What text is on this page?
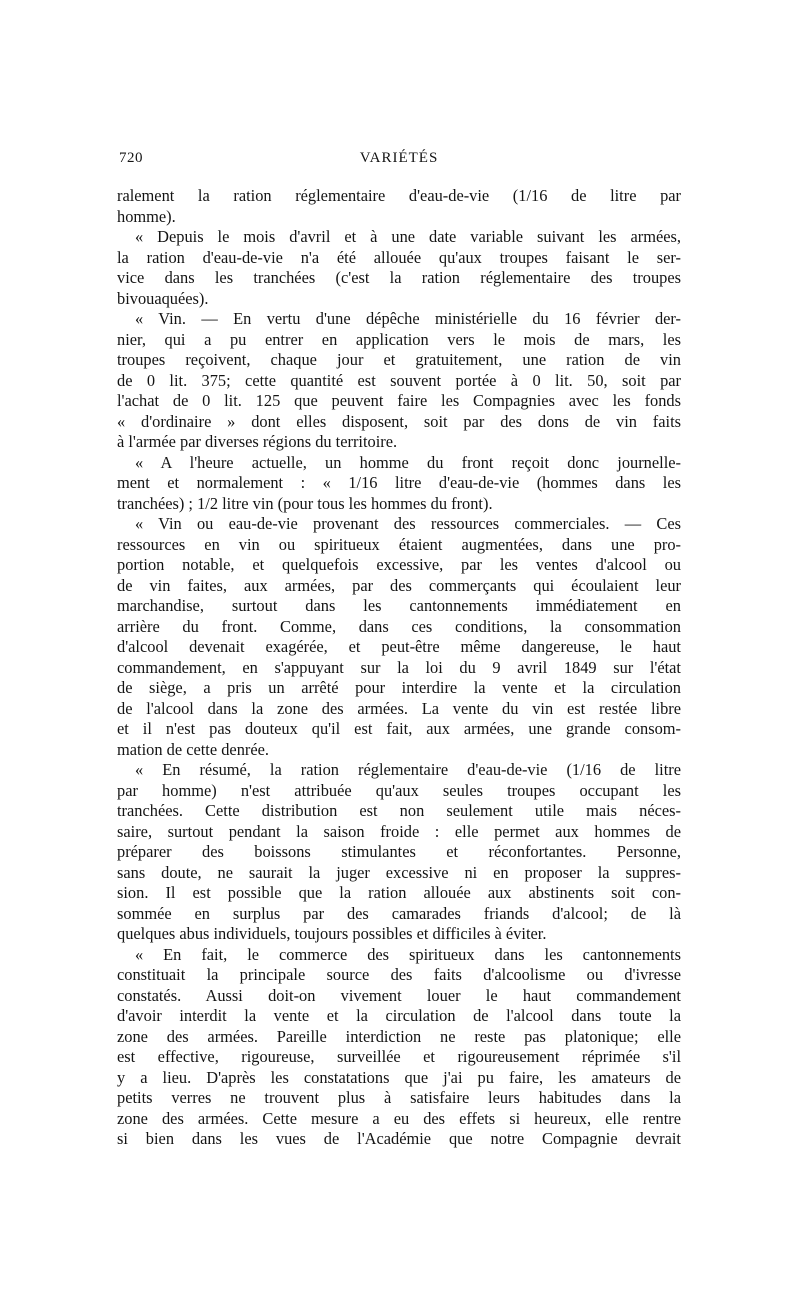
720	VARIÉTÉS
ralement la ration réglementaire d'eau-de-vie (1/16 de litre par
homme).
« Depuis le mois d'avril et à une date variable suivant les armées,
la ration d'eau-de-vie n'a été allouée qu'aux troupes faisant le ser-
vice dans les tranchées (c'est la ration réglementaire des troupes
bivouaquées).
« Vin. — En vertu d'une dépêche ministérielle du 16 février der-
nier, qui a pu entrer en application vers le mois de mars, les
troupes reçoivent, chaque jour et gratuitement, une ration de vin
de 0 lit. 375; cette quantité est souvent portée à 0 lit. 50, soit par
l'achat de 0 lit. 125 que peuvent faire les Compagnies avec les fonds
« d'ordinaire » dont elles disposent, soit par des dons de vin faits
à l'armée par diverses régions du territoire.
« A l'heure actuelle, un homme du front reçoit donc journelle-
ment et normalement : « 1/16 litre d'eau-de-vie (hommes dans les
tranchées) ; 1/2 litre vin (pour tous les hommes du front).
« Vin ou eau-de-vie provenant des ressources commerciales. — Ces
ressources en vin ou spiritueux étaient augmentées, dans une pro-
portion notable, et quelquefois excessive, par les ventes d'alcool ou
de vin faites, aux armées, par des commerçants qui écoulaient leur
marchandise, surtout dans les cantonnements immédiatement en
arrière du front. Comme, dans ces conditions, la consommation
d'alcool devenait exagérée, et peut-être même dangereuse, le haut
commandement, en s'appuyant sur la loi du 9 avril 1849 sur l'état
de siège, a pris un arrêté pour interdire la vente et la circulation
de l'alcool dans la zone des armées. La vente du vin est restée libre
et il n'est pas douteux qu'il est fait, aux armées, une grande consom-
mation de cette denrée.
« En résumé, la ration réglementaire d'eau-de-vie (1/16 de litre
par homme) n'est attribuée qu'aux seules troupes occupant les
tranchées. Cette distribution est non seulement utile mais néces-
saire, surtout pendant la saison froide : elle permet aux hommes de
préparer des boissons stimulantes et réconfortantes. Personne,
sans doute, ne saurait la juger excessive ni en proposer la suppres-
sion. Il est possible que la ration allouée aux abstinents soit con-
sommée en surplus par des camarades friands d'alcool; de là
quelques abus individuels, toujours possibles et difficiles à éviter.
« En fait, le commerce des spiritueux dans les cantonnements
constituait la principale source des faits d'alcoolisme ou d'ivresse
constatés. Aussi doit-on vivement louer le haut commandement
d'avoir interdit la vente et la circulation de l'alcool dans toute la
zone des armées. Pareille interdiction ne reste pas platonique; elle
est effective, rigoureuse, surveillée et rigoureusement réprimée s'il
y a lieu. D'après les constatations que j'ai pu faire, les amateurs de
petits verres ne trouvent plus à satisfaire leurs habitudes dans la
zone des armées. Cette mesure a eu des effets si heureux, elle rentre
si bien dans les vues de l'Académie que notre Compagnie devrait
